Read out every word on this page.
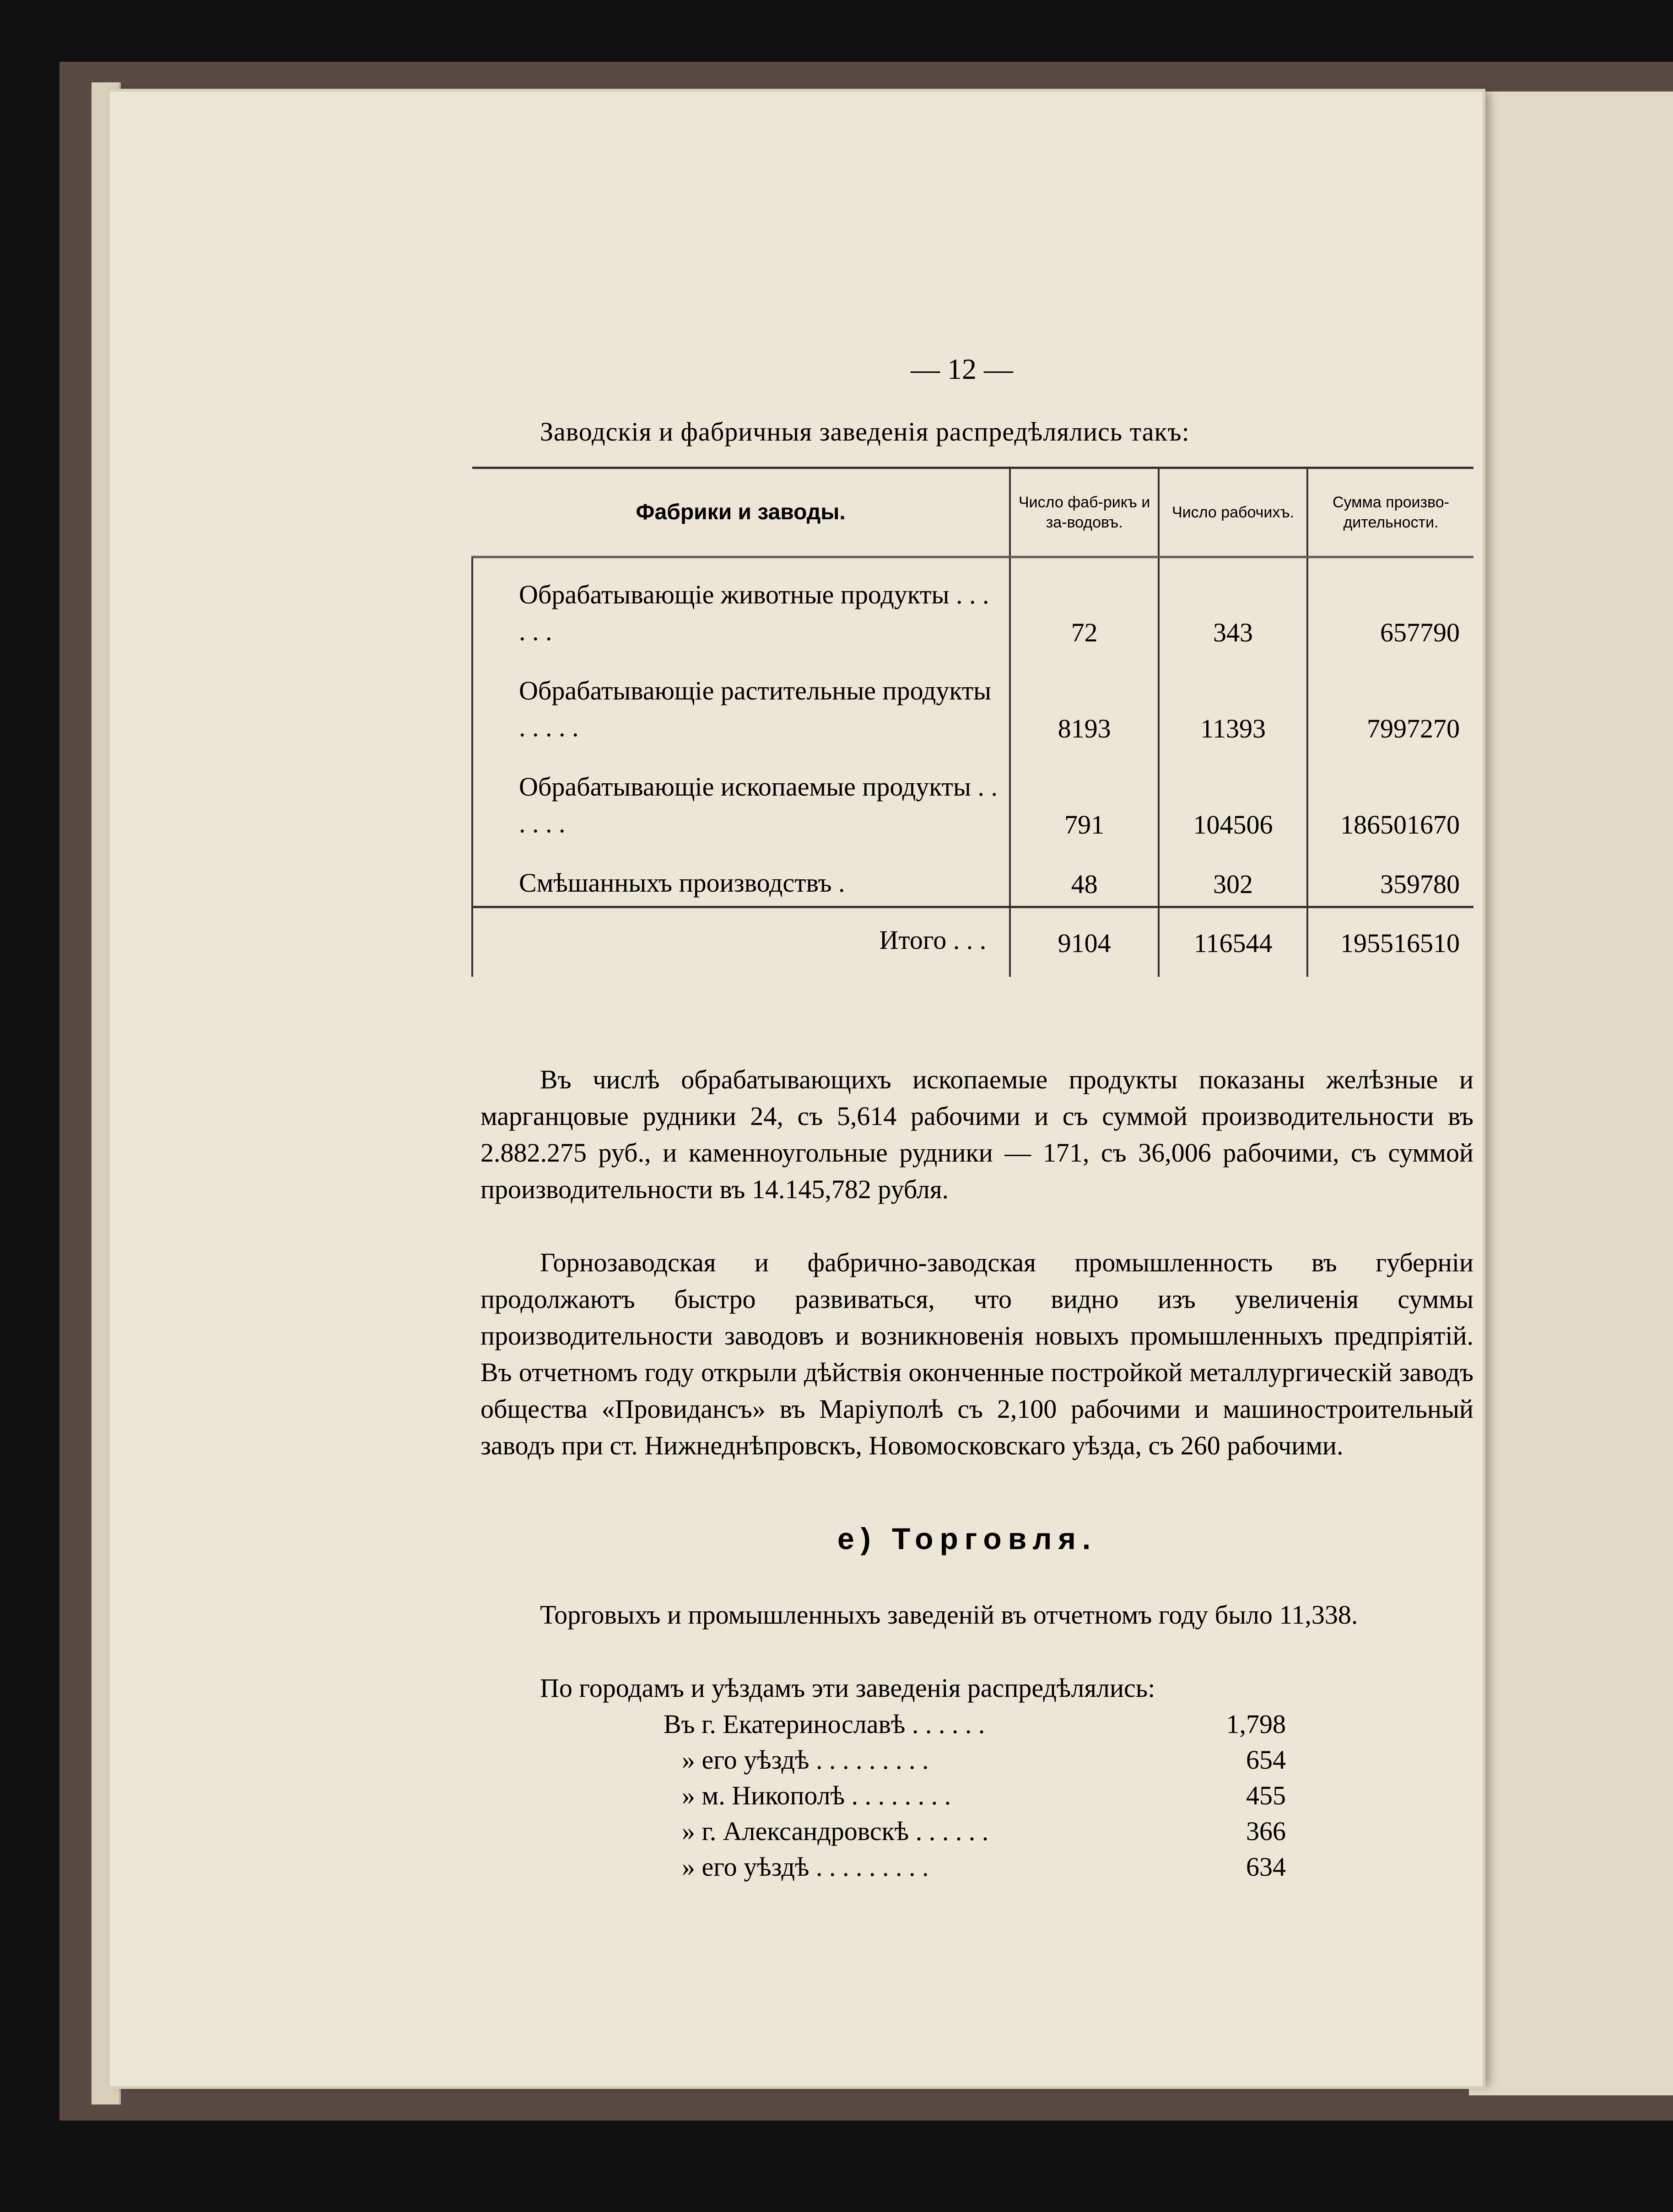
— 12 —
Заводскія и фабричныя заведенія распредѣлялись такъ:
Фабрики и заводы.	Число фаб-рикъ и за-водовъ.	Число рабочихъ.	Сумма произво-дительности.
Обрабатывающіе животные продукты . . . . . .	72	343	657790
Обрабатывающіе растительные продукты . . . . .	8193	11393	7997270
Обрабатывающіе ископаемые продукты . . . . . .	791	104506	186501670
Смѣшанныхъ производствъ .	48	302	359780
Итого . . .	9104	116544	195516510
Въ числѣ обрабатывающихъ ископаемые продукты показаны желѣзные и марганцовые рудники 24, съ 5,614 рабочими и съ суммой производительности въ 2.882.275 руб., и каменноугольные рудники — 171, съ 36,006 рабочими, съ суммой производительности въ 14.145,782 рубля.
Горнозаводская и фабрично-заводская промышленность въ губерніи продолжаютъ быстро развиваться, что видно изъ увеличенія суммы производительности заводовъ и возникновенія новыхъ промышленныхъ предпріятій. Въ отчетномъ году открыли дѣйствія оконченные постройкой металлургическій заводъ общества «Провидансъ» въ Маріуполѣ съ 2,100 рабочими и машиностроительный заводъ при ст. Нижнеднѣпровскъ, Новомосковскаго уѣзда, съ 260 рабочими.
е) Торговля.
Торговыхъ и промышленныхъ заведеній въ отчетномъ году было 11,338.
По городамъ и уѣздамъ эти заведенія распредѣлялись:
Въ г. Екатеринославѣ . . . . . .	1,798
» его уѣздѣ . . . . . . . . .	654
» м. Никополѣ . . . . . . . .	455
» г. Александровскѣ . . . . . .	366
» его уѣздѣ . . . . . . . . .	634
